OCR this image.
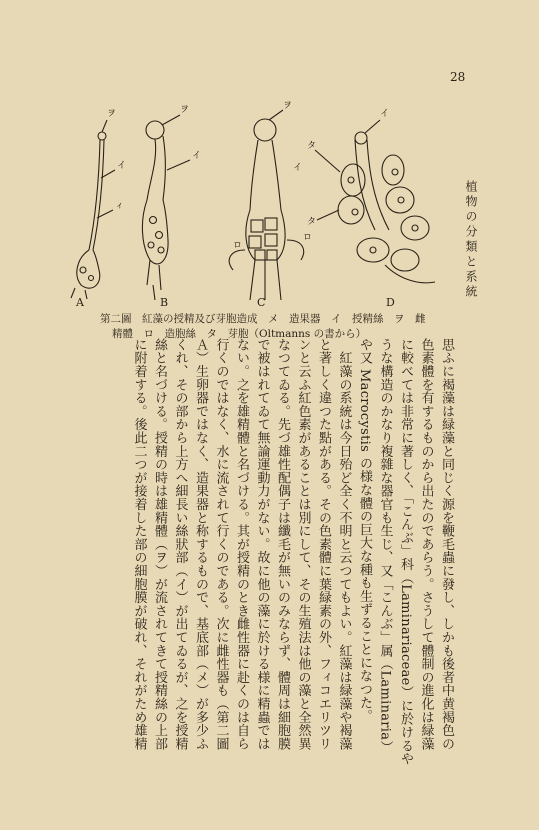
28
植物の分類と系統
ヲ
イ
ィ
ヲ
イ
ヲ
イ
ロ
ロ
イ
タ
タ
A	B	C	D
第二圖　紅藻の授精及び芽胞造成　メ　造果器　イ　授精絲　ヲ　雌
精體　ロ　造胞絲　タ　芽胞（Oltmanns の書から）

思ふに褐藻は緑藻と同じく源を鞭毛蟲に發し、しかも後者中黄褐色の

色素體を有するものから出たのであらう。さうして體制の進化は緑藻

に較べては非常に著しく、「こんぶ」科（Laminariaceae）に於けるや

うな構造のかなり複雜な器官も生じ、又「こんぶ」属（Laminaria）

や又 Macrocystis の様な體の巨大な種も生ずることになつた。

　紅藻の系統は今日殆ど全く不明と云つてもよい。紅藻は緑藻や褐藻

と著しく違つた點がある。その色素體に葉緑素の外、フィコエリツリ

ンと云ふ紅色素があることは別にして、その生殖法は他の藻と全然異

なつてゐる。先づ雄性配偶子は纖毛が無いのみならず、體周は細胞膜

で被はれてゐて無論運動力がない。故に他の藻に於ける様に精蟲では

ない。之を雄精體と名づける。其が授精のとき雌性器に赴くのは自ら

行くのではなく、水に流されて行くのである。次に雌性器も（第二圖

Ａ）生卵器ではなく、造果器と称するもので、基底部（メ）が多少ふ

くれ、その部から上方へ細長い絲狀部（イ）が出てゐるが、之を授精

絲と名づける。授精の時は雄精體（ヲ）が流されてきて授精絲の上部

に附着する。後此二つが接着した部の細胞膜が破れ、それがため雄精
